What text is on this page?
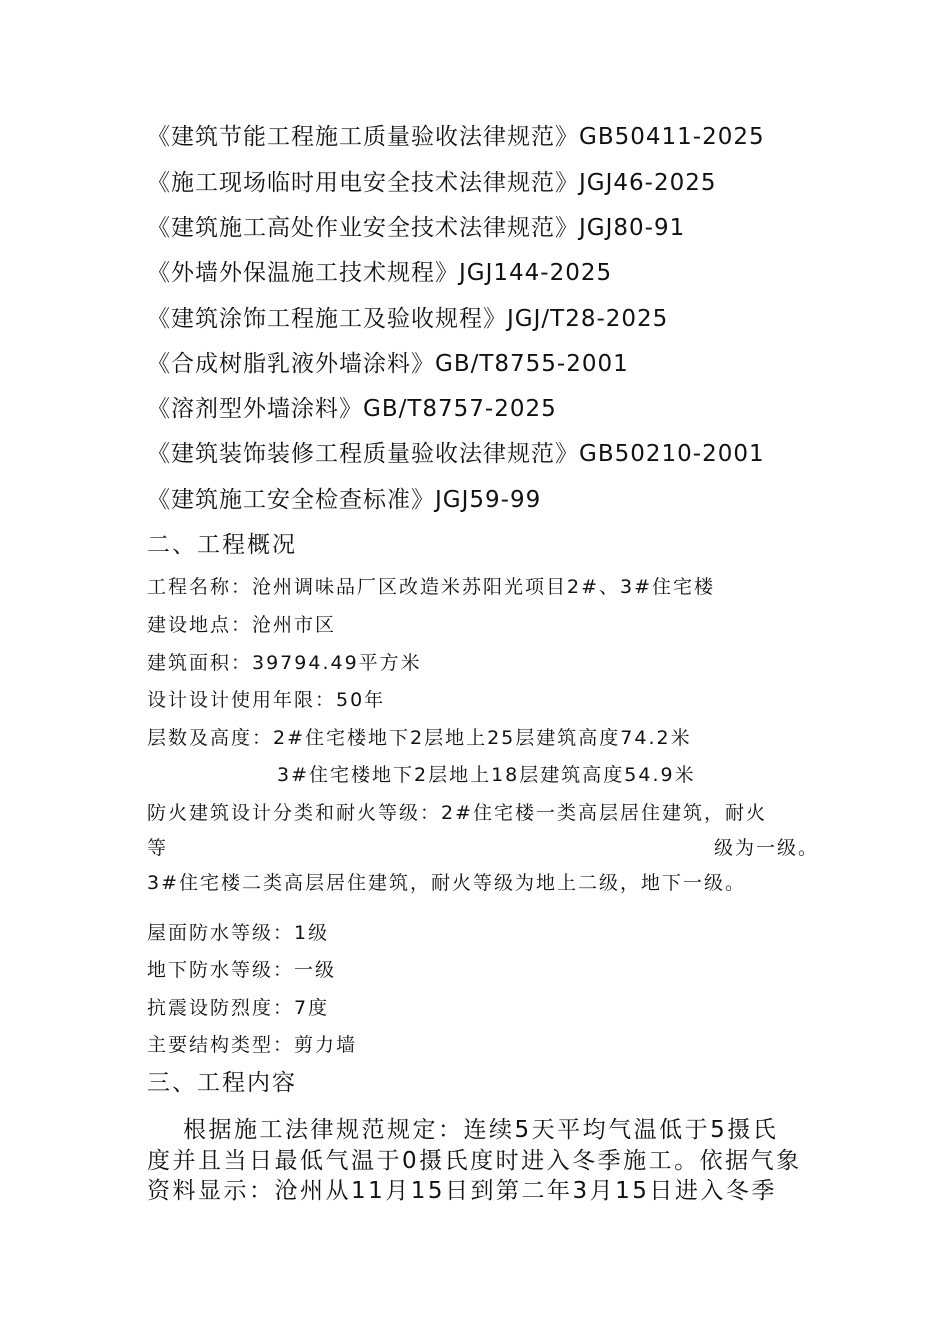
《建筑节能工程施工质量验收法律规范》GB50411-2025
《施工现场临时用电安全技术法律规范》JGJ46-2025
《建筑施工高处作业安全技术法律规范》JGJ80-91
《外墙外保温施工技术规程》JGJ144-2025
《建筑涂饰工程施工及验收规程》JGJ/T28-2025
《合成树脂乳液外墙涂料》GB/T8755-2001
《溶剂型外墙涂料》GB/T8757-2025
《建筑装饰装修工程质量验收法律规范》GB50210-2001
《建筑施工安全检查标准》JGJ59-99
二、工程概况
工程名称：沧州调味品厂区改造米苏阳光项目2#、3#住宅楼
建设地点：沧州市区
建筑面积：39794.49平方米
设计设计使用年限：50年
层数及高度：2#住宅楼地下2层地上25层建筑高度74.2米
3#住宅楼地下2层地上18层建筑高度54.9米
防火建筑设计分类和耐火等级：2#住宅楼一类高层居住建筑，耐火
等	级为一级。
3#住宅楼二类高层居住建筑，耐火等级为地上二级，地下一级。
屋面防水等级：1级
地下防水等级：一级
抗震设防烈度：7度
主要结构类型：剪力墙
三、工程内容
根据施工法律规范规定：连续5天平均气温低于5摄氏
度并且当日最低气温于0摄氏度时进入冬季施工。依据气象
资料显示：沧州从11月15日到第二年3月15日进入冬季
